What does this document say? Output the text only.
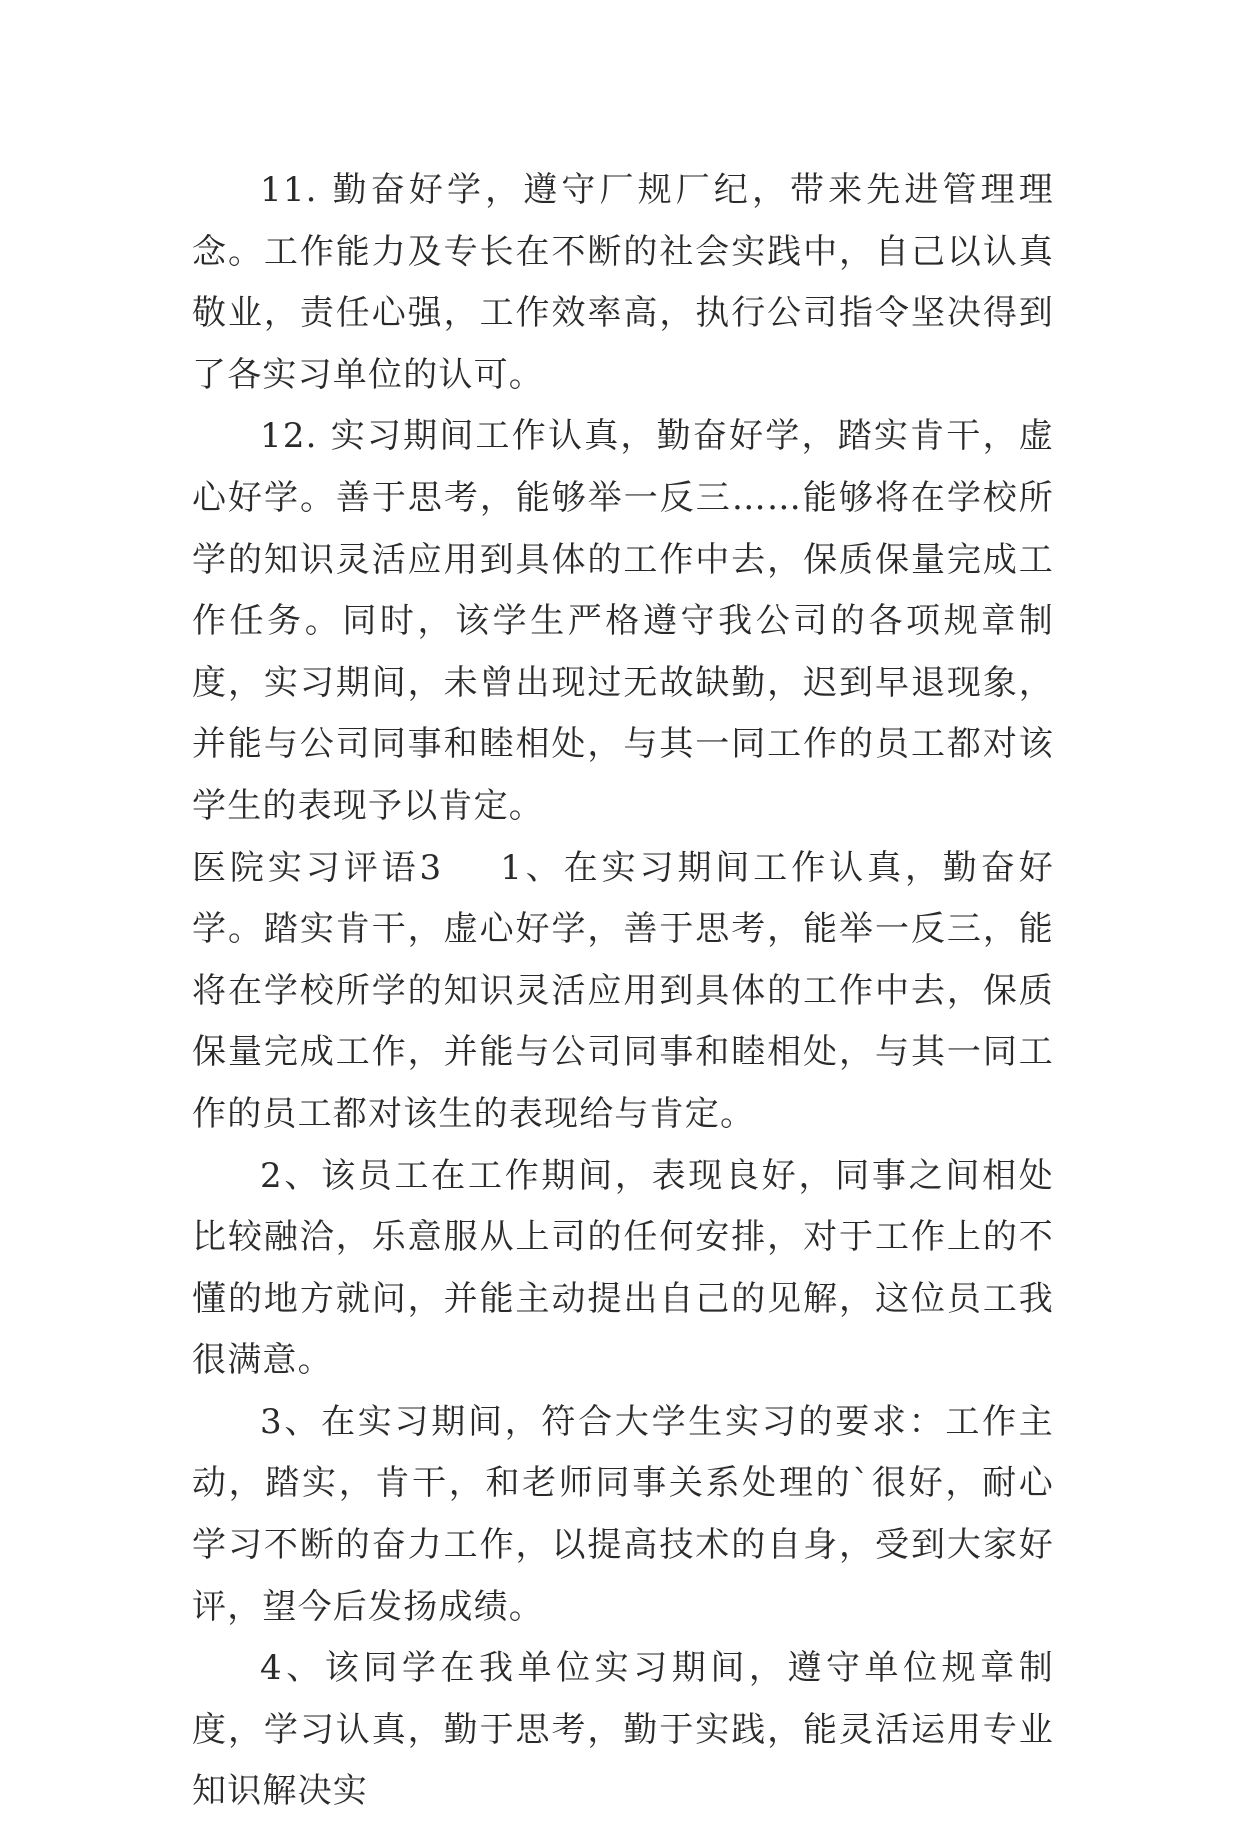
11. 勤奋好学，遵守厂规厂纪，带来先进管理理念。工作能力及专长在不断的社会实践中，自己以认真敬业，责任心强，工作效率高，执行公司指令坚决得到了各实习单位的认可。

12. 实习期间工作认真，勤奋好学，踏实肯干，虚心好学。善于思考，能够举一反三……能够将在学校所学的知识灵活应用到具体的工作中去，保质保量完成工作任务。同时，该学生严格遵守我公司的各项规章制度，实习期间，未曾出现过无故缺勤，迟到早退现象，并能与公司同事和睦相处，与其一同工作的员工都对该学生的表现予以肯定。

医院实习评语3 1、在实习期间工作认真，勤奋好学。踏实肯干，虚心好学，善于思考，能举一反三，能将在学校所学的知识灵活应用到具体的工作中去，保质保量完成工作，并能与公司同事和睦相处，与其一同工作的员工都对该生的表现给与肯定。

2、该员工在工作期间，表现良好，同事之间相处比较融洽，乐意服从上司的任何安排，对于工作上的不懂的地方就问，并能主动提出自己的见解，这位员工我很满意。

3、在实习期间，符合大学生实习的要求：工作主动，踏实，肯干，和老师同事关系处理的`很好，耐心学习不断的奋力工作，以提高技术的自身，受到大家好评，望今后发扬成绩。

4、该同学在我单位实习期间，遵守单位规章制度，学习认真，勤于思考，勤于实践，能灵活运用专业知识解决实
